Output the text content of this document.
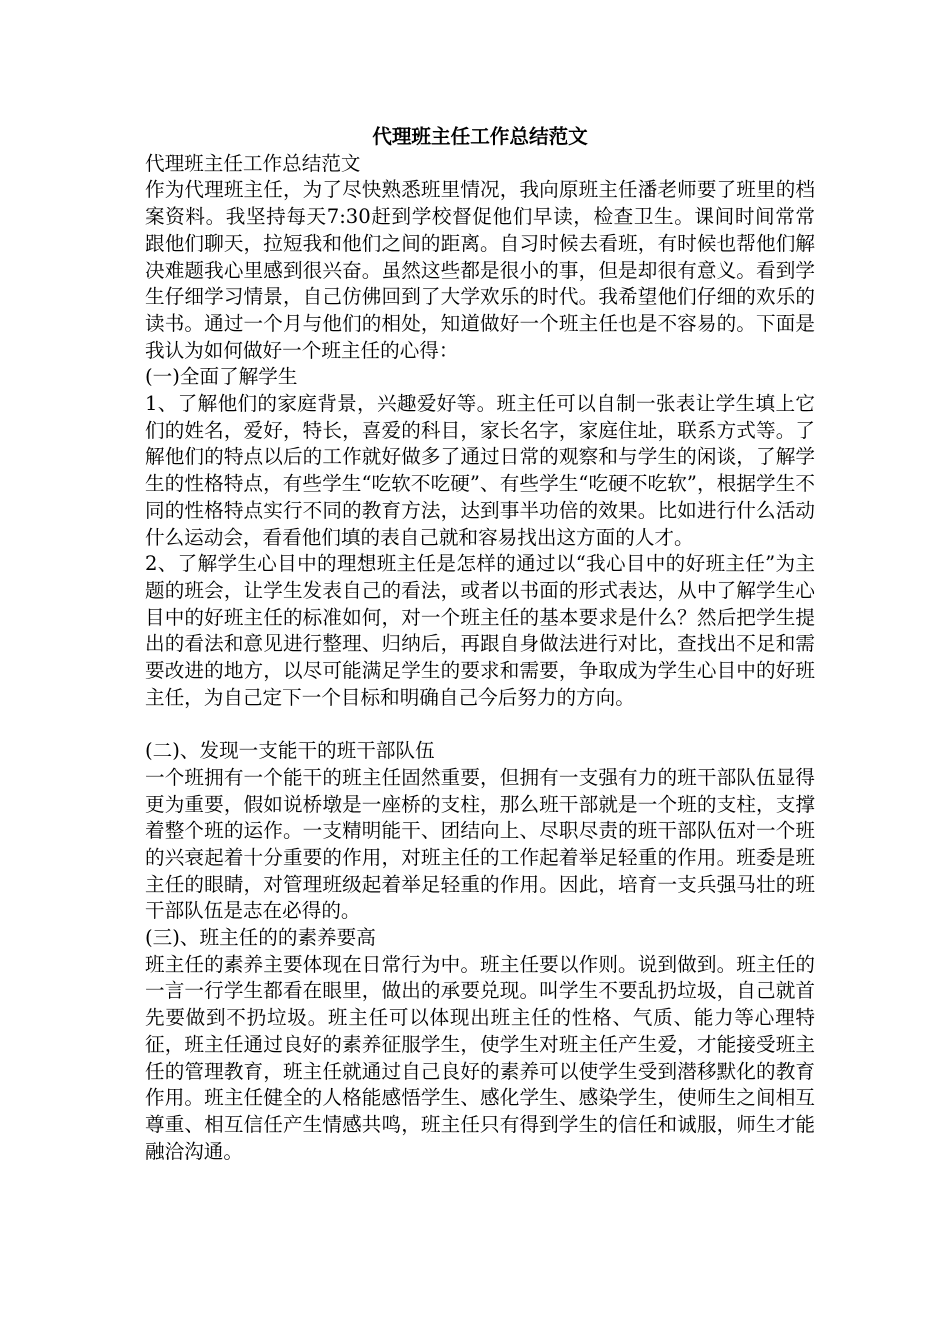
代理班主任工作总结范文
代理班主任工作总结范文
作为代理班主任，为了尽快熟悉班里情况，我向原班主任潘老师要了班里的档案资料。我坚持每天7:30赶到学校督促他们早读，检查卫生。课间时间常常跟他们聊天，拉短我和他们之间的距离。自习时候去看班，有时候也帮他们解决难题我心里感到很兴奋。虽然这些都是很小的事，但是却很有意义。看到学生仔细学习情景，自己仿佛回到了大学欢乐的时代。我希望他们仔细的欢乐的读书。通过一个月与他们的相处，知道做好一个班主任也是不容易的。下面是我认为如何做好一个班主任的心得：
(一)全面了解学生
1、了解他们的家庭背景，兴趣爱好等。班主任可以自制一张表让学生填上它们的姓名，爱好，特长，喜爱的科目，家长名字，家庭住址，联系方式等。了解他们的特点以后的工作就好做多了通过日常的观察和与学生的闲谈，了解学生的性格特点，有些学生“吃软不吃硬”、有些学生“吃硬不吃软”，根据学生不同的性格特点实行不同的教育方法，达到事半功倍的效果。比如进行什么活动什么运动会，看看他们填的表自己就和容易找出这方面的人才。
2、了解学生心目中的理想班主任是怎样的通过以“我心目中的好班主任”为主题的班会，让学生发表自己的看法，或者以书面的形式表达，从中了解学生心目中的好班主任的标准如何，对一个班主任的基本要求是什么？然后把学生提出的看法和意见进行整理、归纳后，再跟自身做法进行对比，查找出不足和需要改进的地方，以尽可能满足学生的要求和需要，争取成为学生心目中的好班主任，为自己定下一个目标和明确自己今后努力的方向。
(二)、发现一支能干的班干部队伍
一个班拥有一个能干的班主任固然重要，但拥有一支强有力的班干部队伍显得更为重要，假如说桥墩是一座桥的支柱，那么班干部就是一个班的支柱，支撑着整个班的运作。一支精明能干、团结向上、尽职尽责的班干部队伍对一个班的兴衰起着十分重要的作用，对班主任的工作起着举足轻重的作用。班委是班主任的眼睛，对管理班级起着举足轻重的作用。因此，培育一支兵强马壮的班干部队伍是志在必得的。
(三)、班主任的的素养要高
班主任的素养主要体现在日常行为中。班主任要以作则。说到做到。班主任的一言一行学生都看在眼里，做出的承要兑现。叫学生不要乱扔垃圾，自己就首先要做到不扔垃圾。班主任可以体现出班主任的性格、气质、能力等心理特征，班主任通过良好的素养征服学生，使学生对班主任产生爱，才能接受班主任的管理教育，班主任就通过自己良好的素养可以使学生受到潜移默化的教育作用。班主任健全的人格能感悟学生、感化学生、感染学生，使师生之间相互尊重、相互信任产生情感共鸣，班主任只有得到学生的信任和诚服，师生才能融洽沟通。
